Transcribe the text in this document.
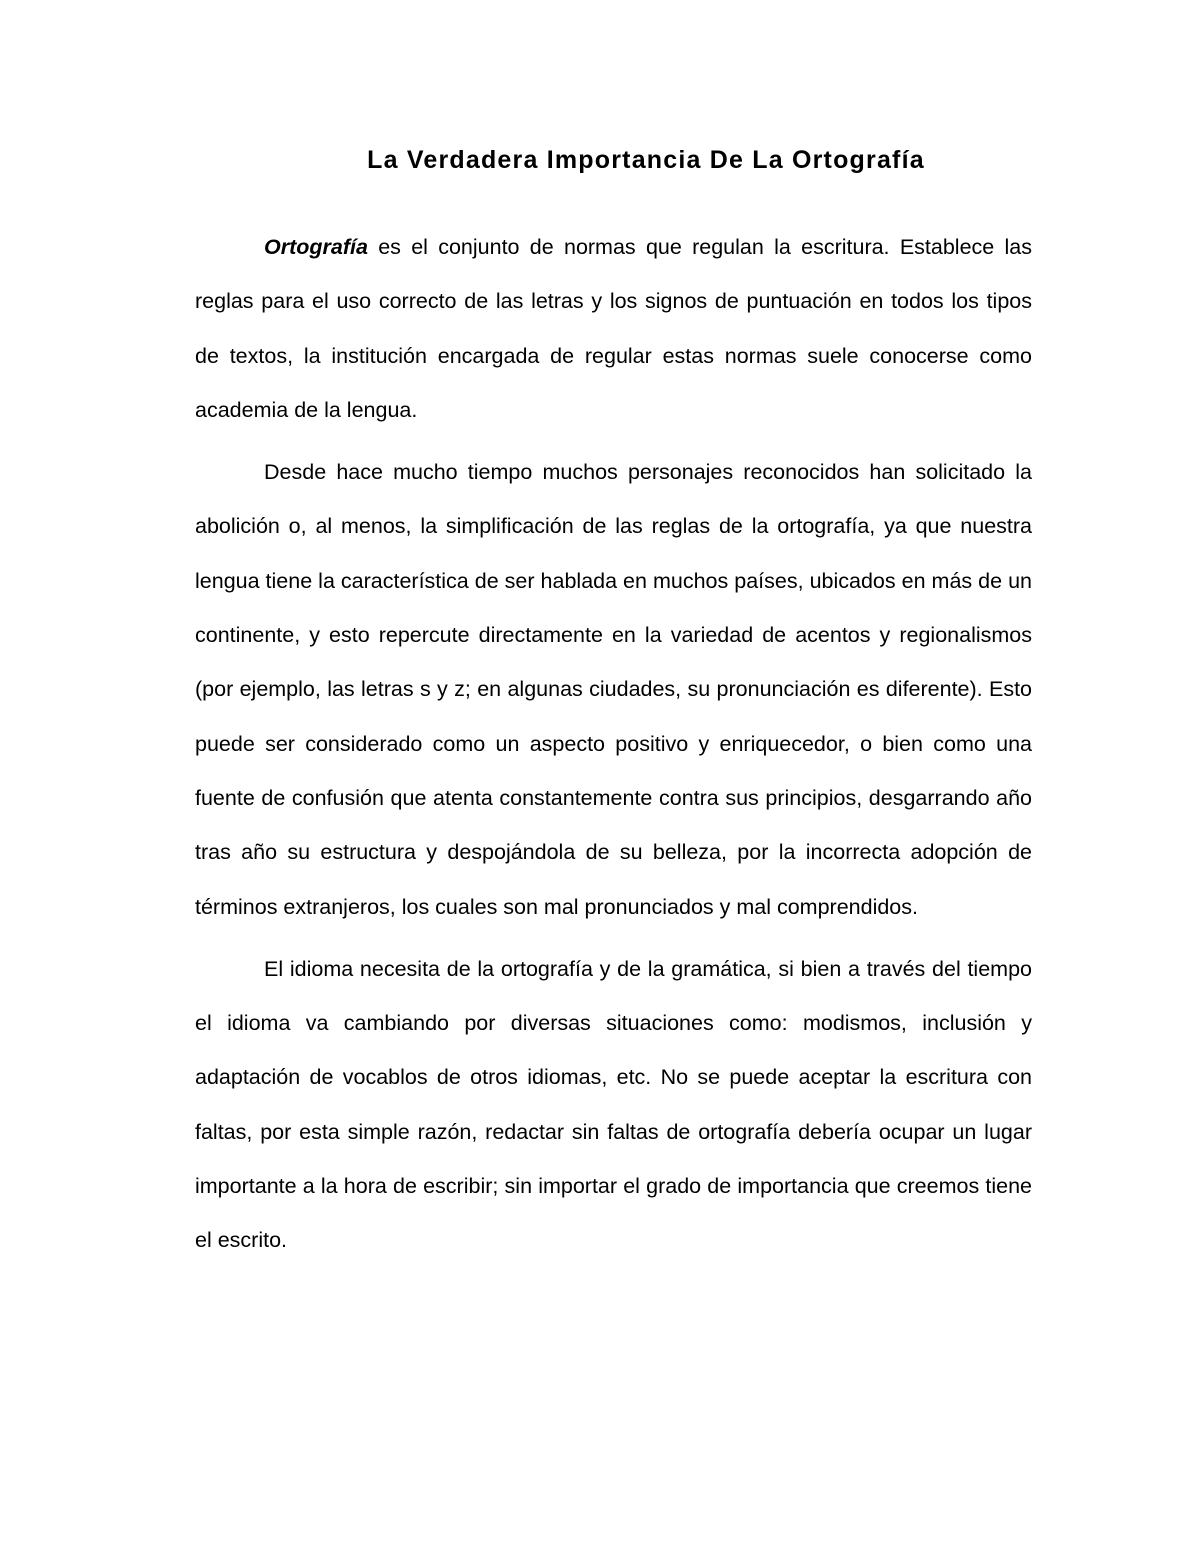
La Verdadera Importancia De La Ortografía

Ortografía es el conjunto de normas que regulan la escritura. Establece las reglas para el uso correcto de las letras y los signos de puntuación en todos los tipos de textos, la institución encargada de regular estas normas suele conocerse como academia de la lengua.

Desde hace mucho tiempo muchos personajes reconocidos han solicitado la abolición o, al menos, la simplificación de las reglas de la ortografía, ya que nuestra lengua tiene la característica de ser hablada en muchos países, ubicados en más de un continente, y esto repercute directamente en la variedad de acentos y regionalismos (por ejemplo, las letras s y z; en algunas ciudades, su pronunciación es diferente). Esto puede ser considerado como un aspecto positivo y enriquecedor, o bien como una fuente de confusión que atenta constantemente contra sus principios, desgarrando año tras año su estructura y despojándola de su belleza, por la incorrecta adopción de términos extranjeros, los cuales son mal pronunciados y mal comprendidos.

El idioma necesita de la ortografía y de la gramática, si bien a través del tiempo el idioma va cambiando por diversas situaciones como: modismos, inclusión y adaptación de vocablos de otros idiomas, etc. No se puede aceptar la escritura con faltas, por esta simple razón, redactar sin faltas de ortografía debería ocupar un lugar importante a la hora de escribir; sin importar el grado de importancia que creemos tiene el escrito.
